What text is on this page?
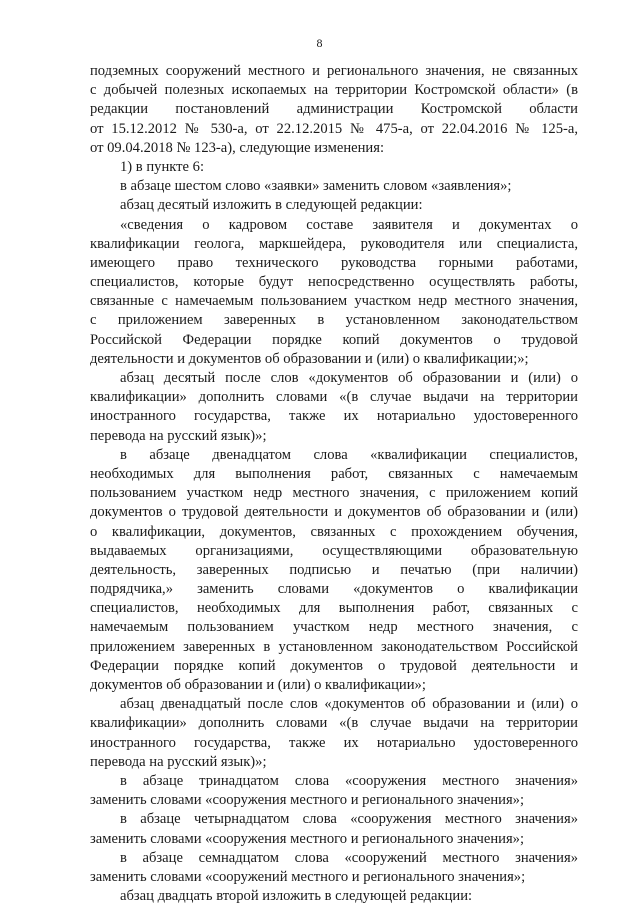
8
подземных сооружений местного и регионального значения, не связанных
с добычей полезных ископаемых на территории Костромской области» (в
редакции постановлений администрации Костромской области
от 15.12.2012 № 530-а, от 22.12.2015 № 475-а, от 22.04.2016 № 125-а,
от 09.04.2018 № 123-а), следующие изменения:
1) в пункте 6:
в абзаце шестом слово «заявки» заменить словом «заявления»;
абзац десятый изложить в следующей редакции:
«сведения о кадровом составе заявителя и документах о
квалификации геолога, маркшейдера, руководителя или специалиста,
имеющего право технического руководства горными работами,
специалистов, которые будут непосредственно осуществлять работы,
связанные с намечаемым пользованием участком недр местного значения,
с приложением заверенных в установленном законодательством
Российской Федерации порядке копий документов о трудовой
деятельности и документов об образовании и (или) о квалификации;»;
абзац десятый после слов «документов об образовании и (или) о
квалификации» дополнить словами «(в случае выдачи на территории
иностранного государства, также их нотариально удостоверенного
перевода на русский язык)»;
в абзаце двенадцатом слова «квалификации специалистов,
необходимых для выполнения работ, связанных с намечаемым
пользованием участком недр местного значения, с приложением копий
документов о трудовой деятельности и документов об образовании и (или)
о квалификации, документов, связанных с прохождением обучения,
выдаваемых организациями, осуществляющими образовательную
деятельность, заверенных подписью и печатью (при наличии)
подрядчика,» заменить словами «документов о квалификации
специалистов, необходимых для выполнения работ, связанных с
намечаемым пользованием участком недр местного значения, с
приложением заверенных в установленном законодательством Российской
Федерации порядке копий документов о трудовой деятельности и
документов об образовании и (или) о квалификации»;
абзац двенадцатый после слов «документов об образовании и (или) о
квалификации» дополнить словами «(в случае выдачи на территории
иностранного государства, также их нотариально удостоверенного
перевода на русский язык)»;
в абзаце тринадцатом слова «сооружения местного значения»
заменить словами «сооружения местного и регионального значения»;
в абзаце четырнадцатом слова «сооружения местного значения»
заменить словами «сооружения местного и регионального значения»;
в абзаце семнадцатом слова «сооружений местного значения»
заменить словами «сооружений местного и регионального значения»;
абзац двадцать второй изложить в следующей редакции:
